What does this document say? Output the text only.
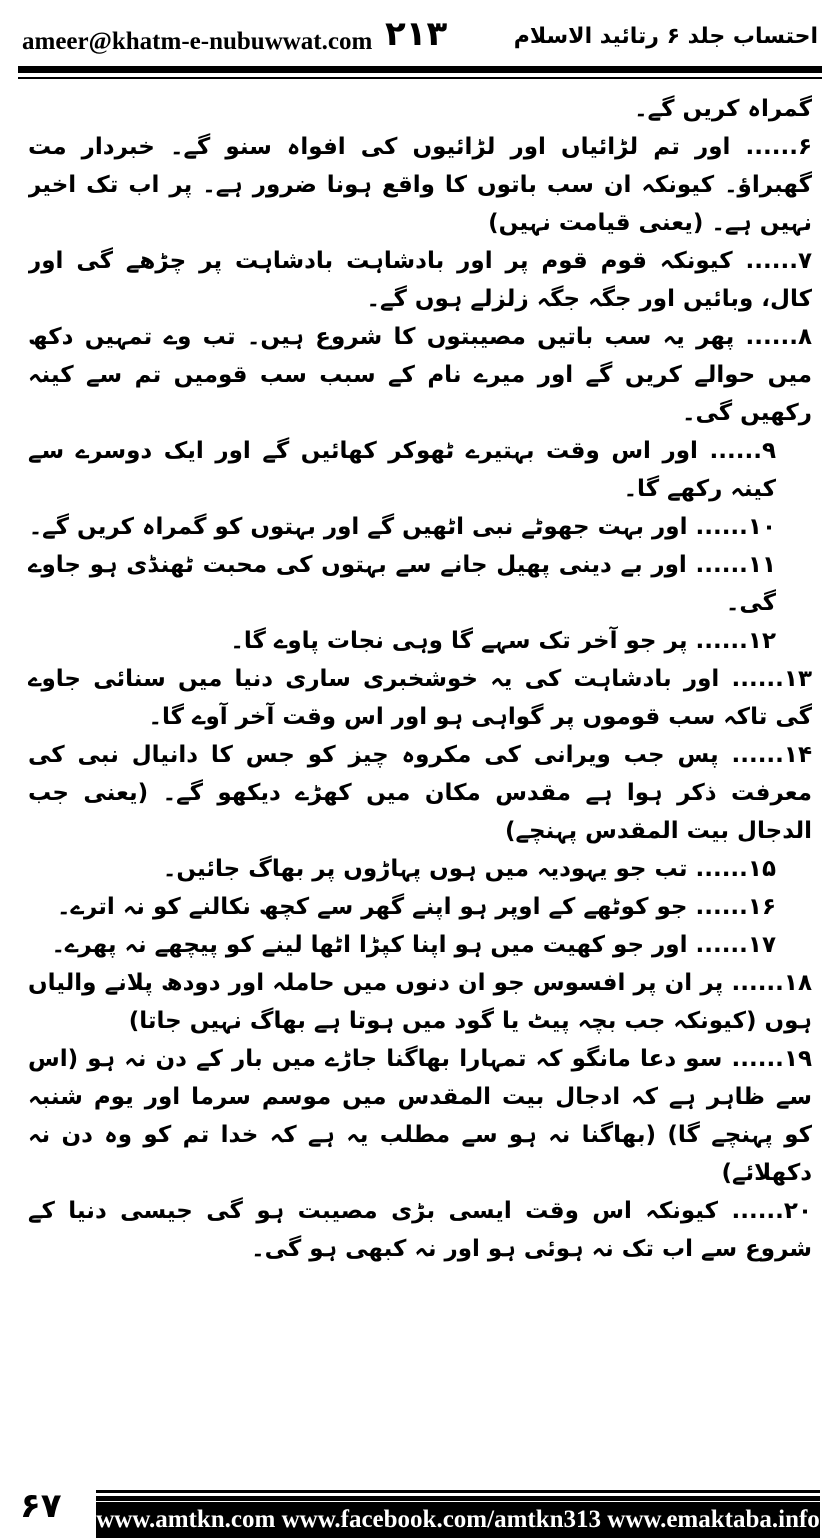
ameer@khatm-e-nubuwwat.com ۲۱۳	احتساب جلد ۶ رتائید الاسلام

گمراہ کریں گے۔

۶...... اور تم لڑائیاں اور لڑائیوں کی افواہ سنو گے۔ خبردار مت گھبراؤ۔ کیونکہ ان سب باتوں کا واقع ہونا ضرور ہے۔ پر اب تک اخیر نہیں ہے۔ (یعنی قیامت نہیں)

۷...... کیونکہ قوم قوم پر اور بادشاہت بادشاہت پر چڑھے گی اور کال، وبائیں اور جگہ جگہ زلزلے ہوں گے۔

۸...... پھر یہ سب باتیں مصیبتوں کا شروع ہیں۔ تب وے تمہیں دکھ میں حوالے کریں گے اور میرے نام کے سبب سب قومیں تم سے کینہ رکھیں گی۔

۹...... اور اس وقت بہتیرے ٹھوکر کھائیں گے اور ایک دوسرے سے کینہ رکھے گا۔

۱۰...... اور بہت جھوٹے نبی اٹھیں گے اور بہتوں کو گمراہ کریں گے۔

۱۱...... اور بے دینی پھیل جانے سے بہتوں کی محبت ٹھنڈی ہو جاوے گی۔

۱۲...... پر جو آخر تک سہے گا وہی نجات پاوے گا۔

۱۳...... اور بادشاہت کی یہ خوشخبری ساری دنیا میں سنائی جاوے گی تاکہ سب قوموں پر گواہی ہو اور اس وقت آخر آوے گا۔

۱۴...... پس جب ویرانی کی مکروہ چیز کو جس کا دانیال نبی کی معرفت ذکر ہوا ہے مقدس مکان میں کھڑے دیکھو گے۔ (یعنی جب الدجال بیت المقدس پہنچے)

۱۵...... تب جو یہودیہ میں ہوں پہاڑوں پر بھاگ جائیں۔

۱۶...... جو کوٹھے کے اوپر ہو اپنے گھر سے کچھ نکالنے کو نہ اترے۔

۱۷...... اور جو کھیت میں ہو اپنا کپڑا اٹھا لینے کو پیچھے نہ پھرے۔

۱۸...... پر ان پر افسوس جو ان دنوں میں حاملہ اور دودھ پلانے والیاں ہوں (کیونکہ جب بچہ پیٹ یا گود میں ہوتا ہے بھاگ نہیں جاتا)

۱۹...... سو دعا مانگو کہ تمہارا بھاگنا جاڑے میں بار کے دن نہ ہو (اس سے ظاہر ہے کہ ادجال بیت المقدس میں موسم سرما اور یوم شنبہ کو پہنچے گا) (بھاگنا نہ ہو سے مطلب یہ ہے کہ خدا تم کو وہ دن نہ دکھلائے)

۲۰...... کیونکہ اس وقت ایسی بڑی مصیبت ہو گی جیسی دنیا کے شروع سے اب تک نہ ہوئی ہو اور نہ کبھی ہو گی۔

۶۷ www.amtkn.com www.facebook.com/amtkn313 www.emaktaba.info
